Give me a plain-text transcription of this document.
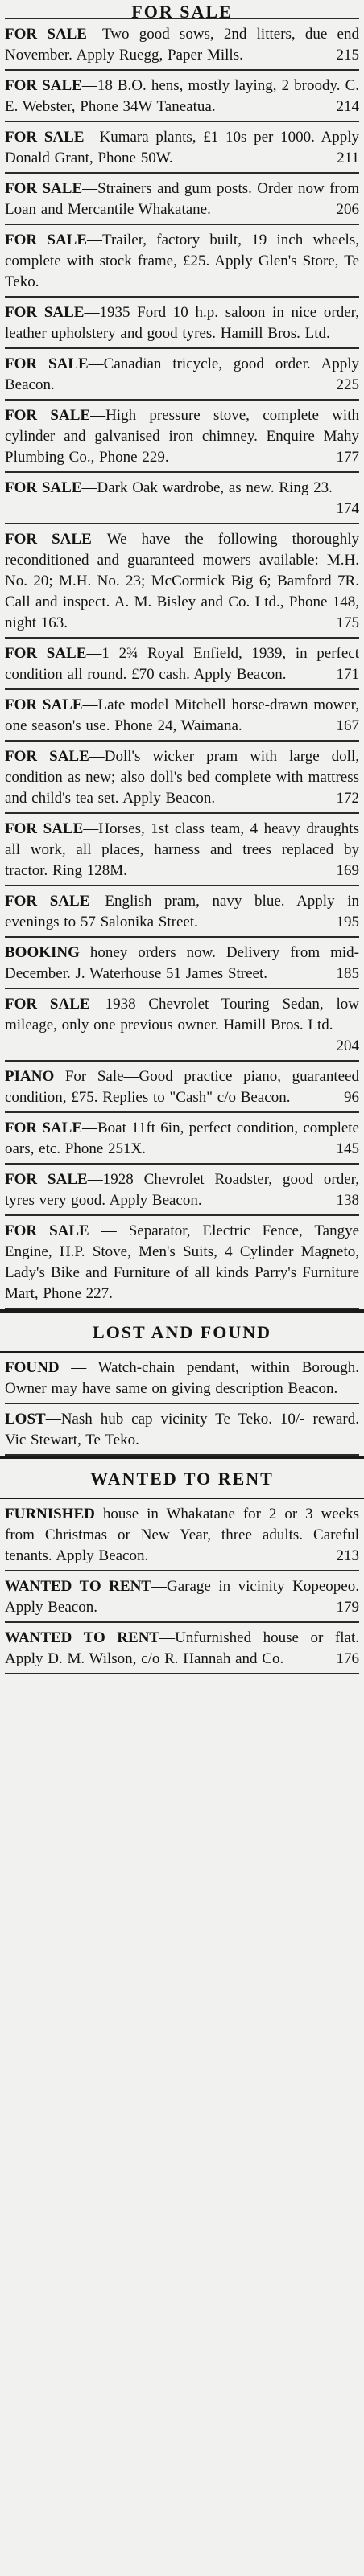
FOR SALE

FOR SALE—Two good sows, 2nd litters, due end November. Apply Ruegg, Paper Mills.	215

FOR SALE—18 B.O. hens, mostly laying, 2 broody. C. E. Webster, Phone 34W Taneatua.	214

FOR SALE—Kumara plants, £1 10s per 1000. Apply Donald Grant, Phone 50W.	211

FOR SALE—Strainers and gum posts. Order now from Loan and Mercantile Whakatane.	206

FOR SALE—Trailer, factory built, 19 inch wheels, complete with stock frame, £25. Apply Glen's Store, Te Teko.

FOR SALE—1935 Ford 10 h.p. saloon in nice order, leather upholstery and good tyres. Hamill Bros. Ltd.

FOR SALE—Canadian tricycle, good order. Apply Beacon.	225

FOR SALE—High pressure stove, complete with cylinder and galvanised iron chimney. Enquire Mahy Plumbing Co., Phone 229.	177

FOR SALE—Dark Oak wardrobe, as new. Ring 23.
174

FOR SALE—We have the following thoroughly reconditioned and guaranteed mowers available: M.H. No. 20; M.H. No. 23; McCormick Big 6; Bamford 7R. Call and inspect. A. M. Bisley and Co. Ltd., Phone 148, night 163.	175

FOR SALE—1 2¾ Royal Enfield, 1939, in perfect condition all round. £70 cash. Apply Beacon.	171

FOR SALE—Late model Mitchell horse-drawn mower, one season's use. Phone 24, Waimana.	167

FOR SALE—Doll's wicker pram with large doll, condition as new; also doll's bed complete with mattress and child's tea set. Apply Beacon.	172

FOR SALE—Horses, 1st class team, 4 heavy draughts all work, all places, harness and trees replaced by tractor. Ring 128M.	169

FOR SALE—English pram, navy blue. Apply in evenings to 57 Salonika Street.	195

BOOKING honey orders now. Delivery from mid-December. J. Waterhouse 51 James Street.	185

FOR SALE—1938 Chevrolet Touring Sedan, low mileage, only one previous owner. Hamill Bros. Ltd.
204

PIANO For Sale—Good practice piano, guaranteed condition, £75. Replies to "Cash" c/o Beacon.	96

FOR SALE—Boat 11ft 6in, perfect condition, complete oars, etc. Phone 251X.	145

FOR SALE—1928 Chevrolet Roadster, good order, tyres very good. Apply Beacon.	138

FOR SALE — Separator, Electric Fence, Tangye Engine, H.P. Stove, Men's Suits, 4 Cylinder Magneto, Lady's Bike and Furniture of all kinds Parry's Furniture Mart, Phone 227.

LOST AND FOUND

FOUND — Watch-chain pendant, within Borough. Owner may have same on giving description Beacon.

LOST—Nash hub cap vicinity Te Teko. 10/- reward. Vic Stewart, Te Teko.

WANTED TO RENT

FURNISHED house in Whakatane for 2 or 3 weeks from Christmas or New Year, three adults. Careful tenants. Apply Beacon.	213

WANTED TO RENT—Garage in vicinity Kopeopeo. Apply Beacon.	179

WANTED TO RENT—Unfurnished house or flat. Apply D. M. Wilson, c/o R. Hannah and Co.	176
